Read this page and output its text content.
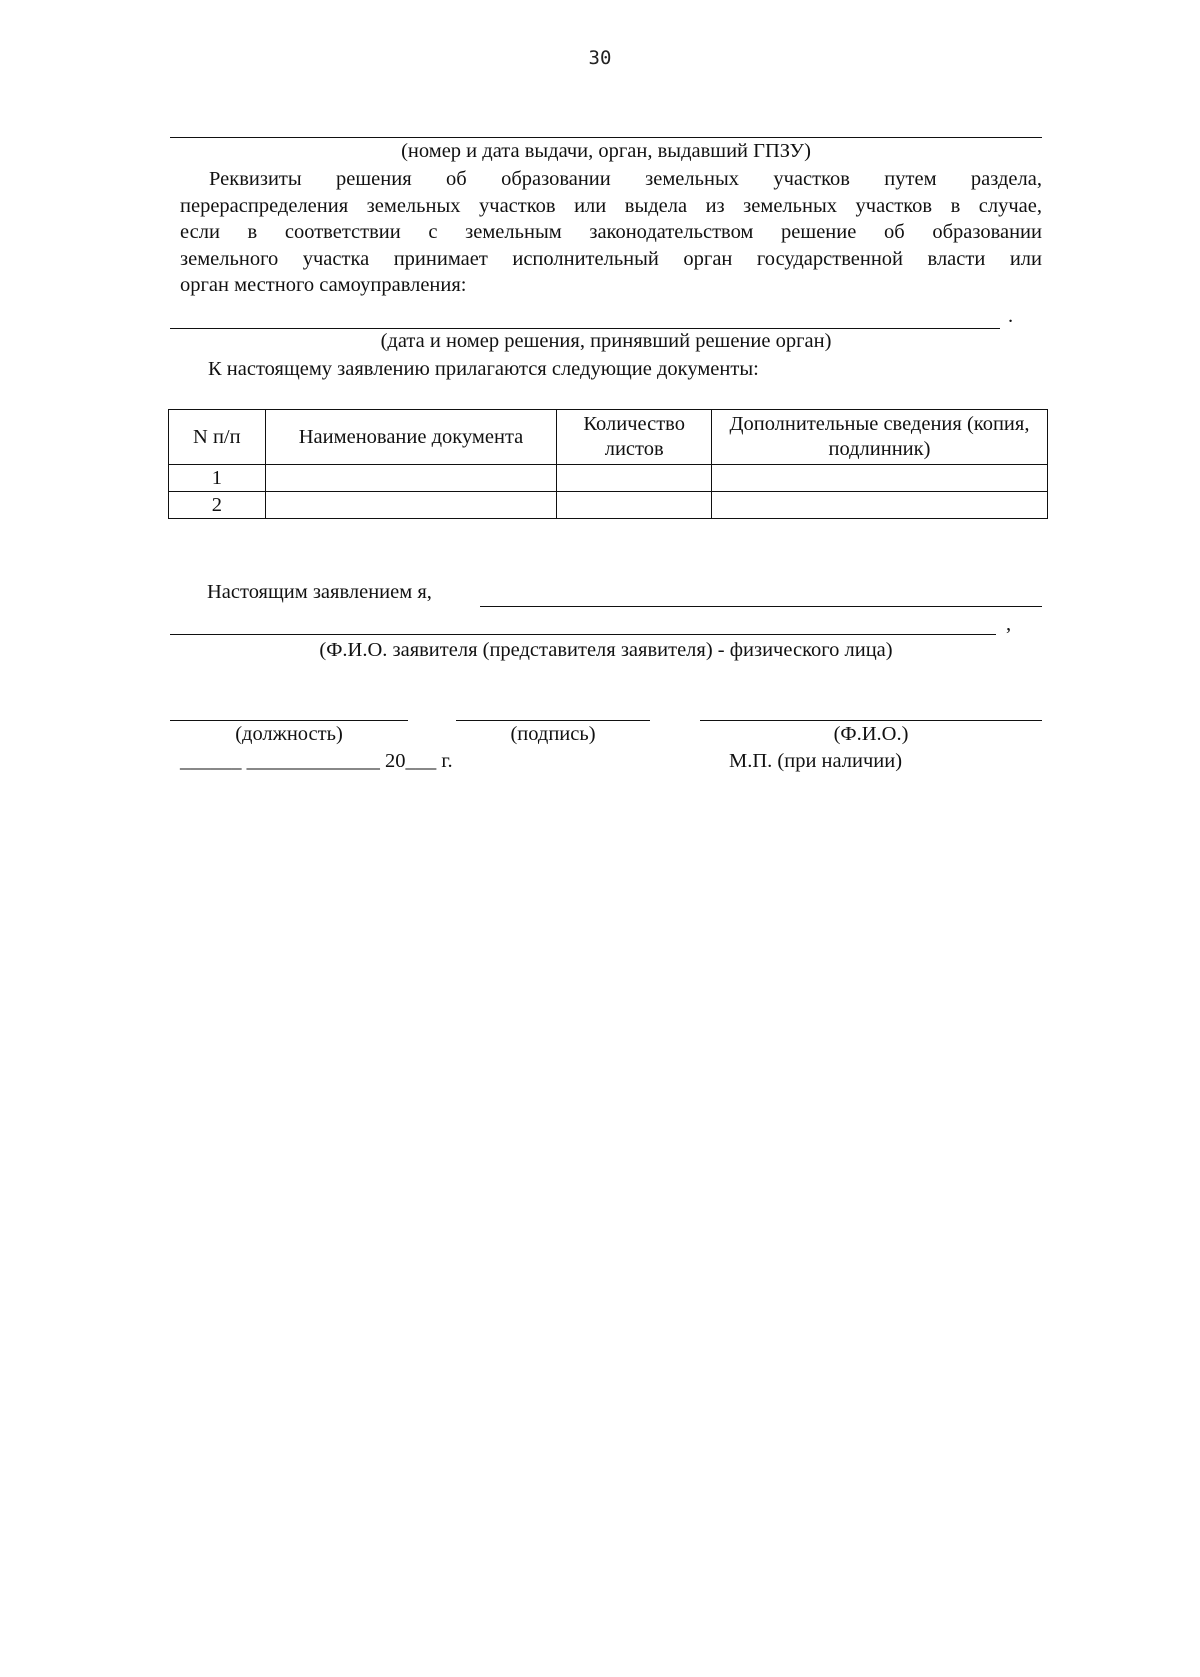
30
(номер и дата выдачи, орган, выдавший ГПЗУ)
Реквизиты решения об образовании земельных участков путем раздела,
перераспределения земельных участков или выдела из земельных участков в случае,
если в соответствии с земельным законодательством решение об образовании
земельного участка принимает исполнительный орган государственной власти или
орган местного самоуправления:
.
(дата и номер решения, принявший решение орган)
К настоящему заявлению прилагаются следующие документы:
N п/п	Наименование документа	Количество листов	Дополнительные сведения (копия, подлинник)
1			
2			
Настоящим заявлением я,
,
(Ф.И.О. заявителя (представителя заявителя) - физического лица)
(должность)	(подпись)	(Ф.И.О.)
______ _____________ 20___ г.	М.П. (при наличии)
